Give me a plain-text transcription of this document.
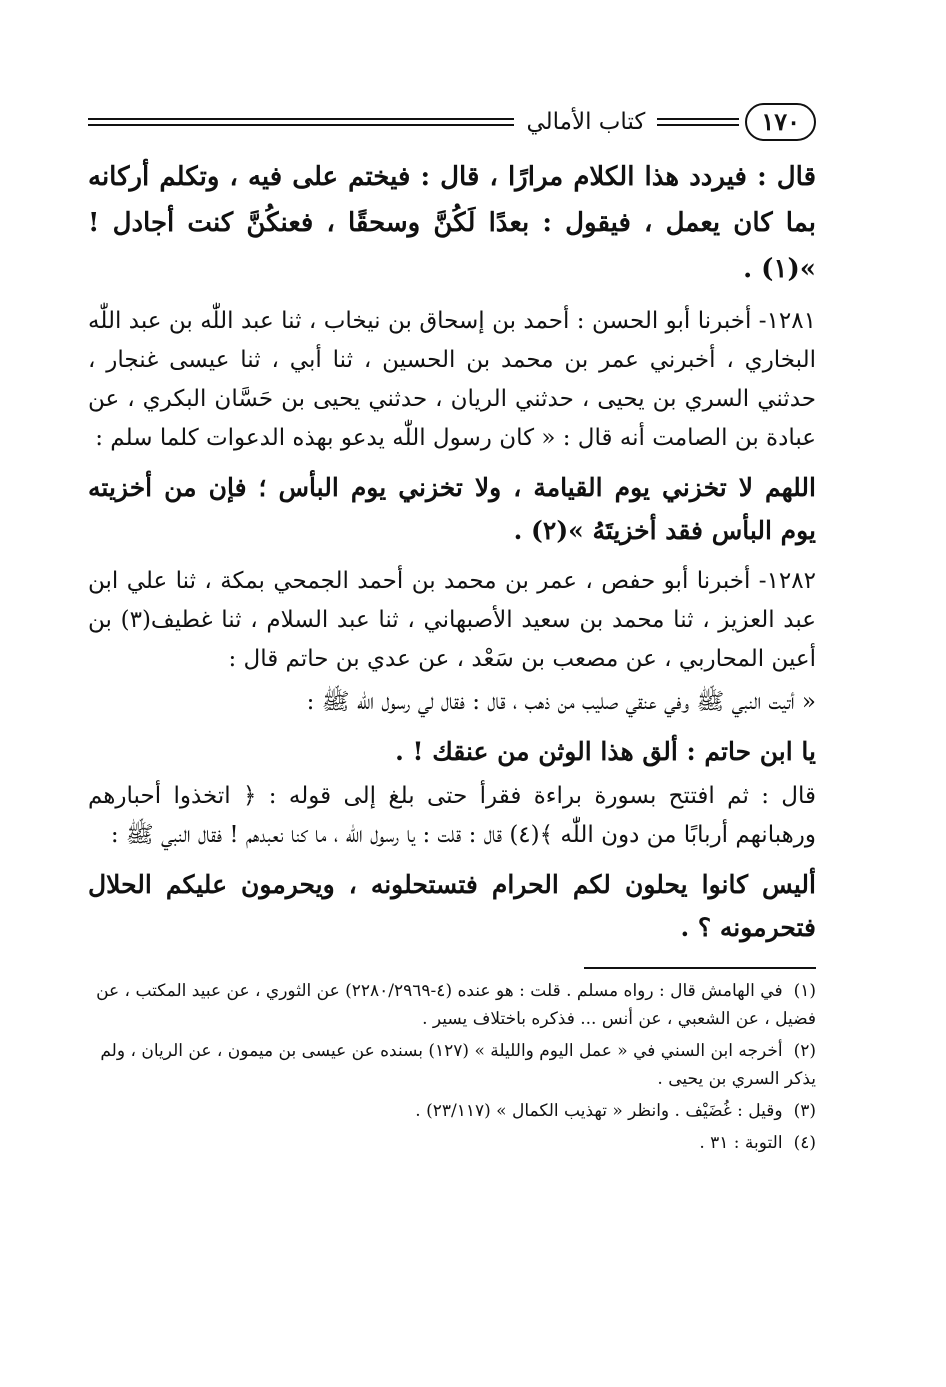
١٧٠
كتاب الأمالي

قال : فيردد هذا الكلام مرارًا ، قال : فيختم على فيه ، وتكلم أركانه بما كان يعمل ، فيقول : بعدًا لَكُنَّ وسحقًا ، فعنكُنَّ كنت أجادل ! »(١) .

١٢٨١- أخبرنا أبو الحسن : أحمد بن إسحاق بن نيخاب ، ثنا عبد اللّٰه بن عبد اللّٰه البخاري ، أخبرني عمر بن محمد بن الحسين ، ثنا أبي ، ثنا عيسى غنجار ، حدثني السري بن يحيى ، حدثني الريان ، حدثني يحيى بن حَسَّان البكري ، عن عبادة بن الصامت أنه قال : « كان رسول اللّٰه يدعو بهذه الدعوات كلما سلم :

اللهم لا تخزني يوم القيامة ، ولا تخزني يوم البأس ؛ فإن من أخزيته يوم البأس فقد أخزيتَهُ »(٢) .

١٢٨٢- أخبرنا أبو حفص ، عمر بن محمد بن أحمد الجمحي بمكة ، ثنا علي ابن عبد العزيز ، ثنا محمد بن سعيد الأصبهاني ، ثنا عبد السلام ، ثنا غطيف(٣) بن أعين المحاربي ، عن مصعب بن سَعْد ، عن عدي بن حاتم قال :

« أتيت النبي ﷺ وفي عنقي صليب من ذهب ، قال : فقال لي رسول اللّٰه ﷺ :

يا ابن حاتم : ألق هذا الوثن من عنقك ! .

قال : ثم افتتح بسورة براءة فقرأ حتى بلغ إلى قوله : ﴿ اتخذوا أحبارهم ورهبانهم أربابًا من دون اللّٰه ﴾(٤) قال : قلت : يا رسول اللّٰه ، ما كنا نعبدهم ! فقال النبي ﷺ :

أليس كانوا يحلون لكم الحرام فتستحلونه ، ويحرمون عليكم الحلال فتحرمونه ؟ .

(١) في الهامش قال : رواه مسلم . قلت : هو عنده (٤-٢٢٨٠/٢٩٦٩) عن الثوري ، عن عبيد المكتب ، عن فضيل ، عن الشعبي ، عن أنس ... فذكره باختلاف يسير .
(٢) أخرجه ابن السني في « عمل اليوم والليلة » (١٢٧) بسنده عن عيسى بن ميمون ، عن الريان ، ولم يذكر السري بن يحيى .
(٣) وقيل : غُضَيْف . وانظر « تهذيب الكمال » (٢٣/١١٧) .
(٤) التوبة : ٣١ .
